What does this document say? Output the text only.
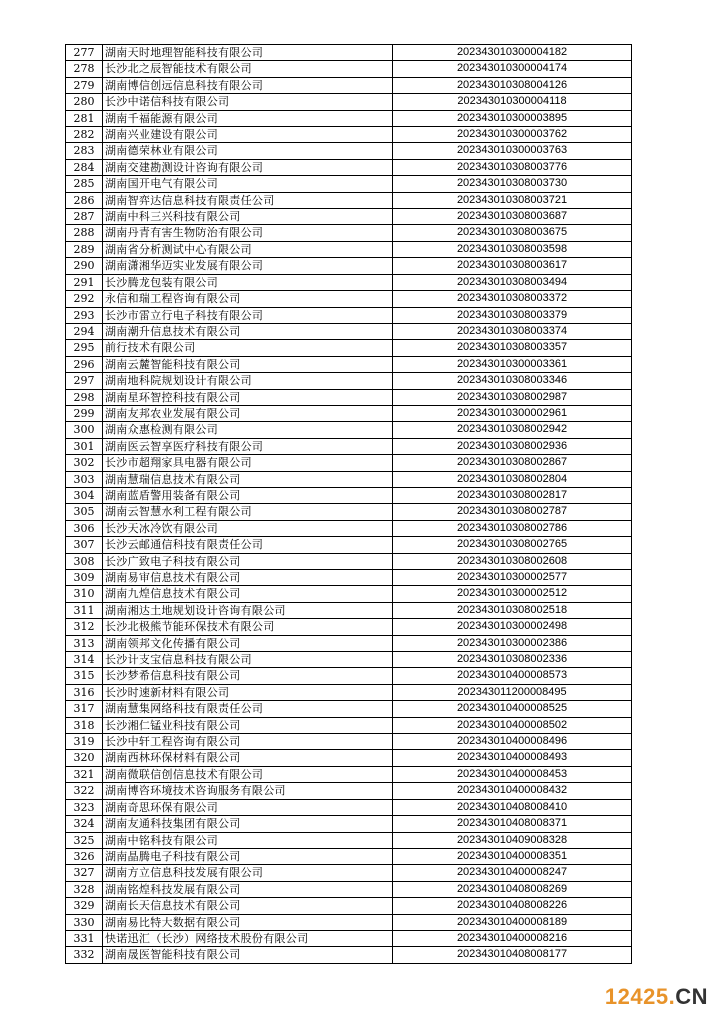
277	湖南天时地理智能科技有限公司	202343010300004182
278	长沙北之辰智能技术有限公司	202343010300004174
279	湖南博信创远信息科技有限公司	202343010308004126
280	长沙中诺信科技有限公司	202343010300004118
281	湖南千福能源有限公司	202343010300003895
282	湖南兴业建设有限公司	202343010300003762
283	湖南德荣林业有限公司	202343010300003763
284	湖南交建勘测设计咨询有限公司	202343010308003776
285	湖南国开电气有限公司	202343010308003730
286	湖南智弈达信息科技有限责任公司	202343010308003721
287	湖南中科三兴科技有限公司	202343010308003687
288	湖南丹青有害生物防治有限公司	202343010308003675
289	湖南省分析测试中心有限公司	202343010308003598
290	湖南潇湘华迈实业发展有限公司	202343010308003617
291	长沙腾龙包装有限公司	202343010308003494
292	永信和瑞工程咨询有限公司	202343010308003372
293	长沙市雷立行电子科技有限公司	202343010308003379
294	湖南潮升信息技术有限公司	202343010308003374
295	前行技术有限公司	202343010308003357
296	湖南云麓智能科技有限公司	202343010300003361
297	湖南地科院规划设计有限公司	202343010308003346
298	湖南星环智控科技有限公司	202343010308002987
299	湖南友邦农业发展有限公司	202343010300002961
300	湖南众惠检测有限公司	202343010308002942
301	湖南医云智享医疗科技有限公司	202343010308002936
302	长沙市超翔家具电器有限公司	202343010308002867
303	湖南慧瑞信息技术有限公司	202343010308002804
304	湖南蓝盾警用装备有限公司	202343010308002817
305	湖南云智慧水利工程有限公司	202343010308002787
306	长沙天冰冷饮有限公司	202343010308002786
307	长沙云邮通信科技有限责任公司	202343010308002765
308	长沙广致电子科技有限公司	202343010308002608
309	湖南易审信息技术有限公司	202343010300002577
310	湖南九煌信息技术有限公司	202343010300002512
311	湖南湘达土地规划设计咨询有限公司	202343010308002518
312	长沙北极熊节能环保技术有限公司	202343010300002498
313	湖南领邦文化传播有限公司	202343010300002386
314	长沙计支宝信息科技有限公司	202343010308002336
315	长沙梦希信息科技有限公司	202343010400008573
316	长沙时速新材料有限公司	202343011200008495
317	湖南慧集网络科技有限责任公司	202343010400008525
318	长沙湘仁锰业科技有限公司	202343010400008502
319	长沙中轩工程咨询有限公司	202343010400008496
320	湖南西林环保材料有限公司	202343010400008493
321	湖南微联信创信息技术有限公司	202343010400008453
322	湖南博咨环境技术咨询服务有限公司	202343010400008432
323	湖南奇思环保有限公司	202343010408008410
324	湖南友通科技集团有限公司	202343010408008371
325	湖南中铭科技有限公司	202343010409008328
326	湖南晶腾电子科技有限公司	202343010400008351
327	湖南方立信息科技发展有限公司	202343010400008247
328	湖南铭煌科技发展有限公司	202343010408008269
329	湖南长天信息技术有限公司	202343010408008226
330	湖南易比特大数据有限公司	202343010400008189
331	快诺迅汇（长沙）网络技术股份有限公司	202343010400008216
332	湖南晟医智能科技有限公司	202343010408008177
12425.CN
